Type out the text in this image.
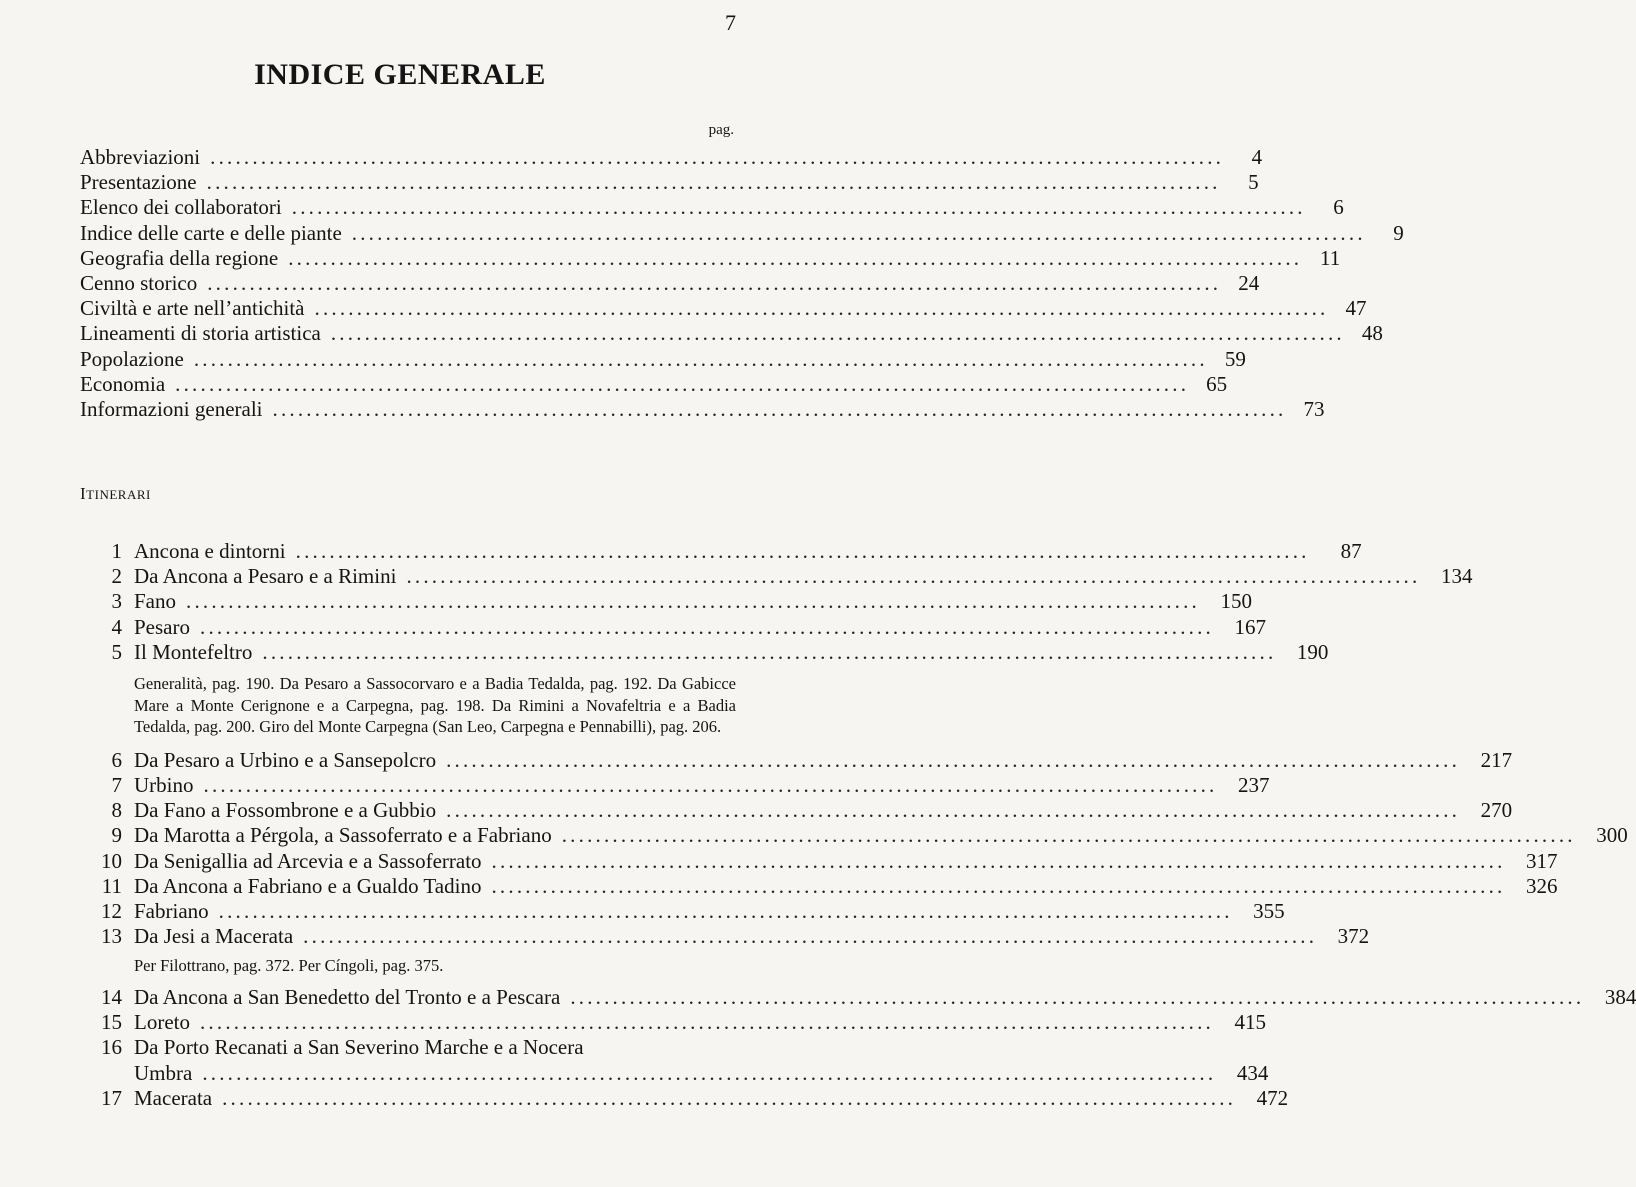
7
INDICE GENERALE
pag.
Abbreviazioni ........................................................................................................................	4
Presentazione ........................................................................................................................	5
Elenco dei collaboratori ........................................................................................................................	6
Indice delle carte e delle piante ........................................................................................................................	9
Geografia della regione ........................................................................................................................ 11
Cenno storico ........................................................................................................................ 24
Civiltà e arte nell’antichità ........................................................................................................................ 47
Lineamenti di storia artistica ........................................................................................................................ 48
Popolazione ........................................................................................................................ 59
Economia ........................................................................................................................ 65
Informazioni generali ........................................................................................................................ 73
ITINERARI
1 Ancona e dintorni ........................................................................................................................	87
2 Da Ancona a Pesaro e a Rimini ........................................................................................................................ 134
3 Fano ........................................................................................................................ 150
4 Pesaro ........................................................................................................................ 167
5 Il Montefeltro ........................................................................................................................ 190
Generalità, pag. 190. Da Pesaro a Sassocorvaro e a Badia Tedalda, pag. 192. Da Gabicce Mare a Monte Cerignone e a Carpegna, pag. 198. Da Rimini a Novafeltria e a Badia Tedalda, pag. 200. Giro del Monte Carpegna (San Leo, Carpegna e Pennabilli), pag. 206.
6 Da Pesaro a Urbino e a Sansepolcro ........................................................................................................................ 217
7 Urbino ........................................................................................................................ 237
8 Da Fano a Fossombrone e a Gubbio ........................................................................................................................ 270
9 Da Marotta a Pérgola, a Sassoferrato e a Fabriano ........................................................................................................................ 300
10 Da Senigallia ad Arcevia e a Sassoferrato ........................................................................................................................ 317
11 Da Ancona a Fabriano e a Gualdo Tadino ........................................................................................................................ 326
12 Fabriano ........................................................................................................................ 355
13 Da Jesi a Macerata ........................................................................................................................ 372
Per Filottrano, pag. 372. Per Cíngoli, pag. 375.
14 Da Ancona a San Benedetto del Tronto e a Pescara ........................................................................................................................ 384
15 Loreto ........................................................................................................................ 415
16 Da Porto Recanati a San Severino Marche e a Nocera
Umbra ........................................................................................................................ 434
17 Macerata ........................................................................................................................ 472
